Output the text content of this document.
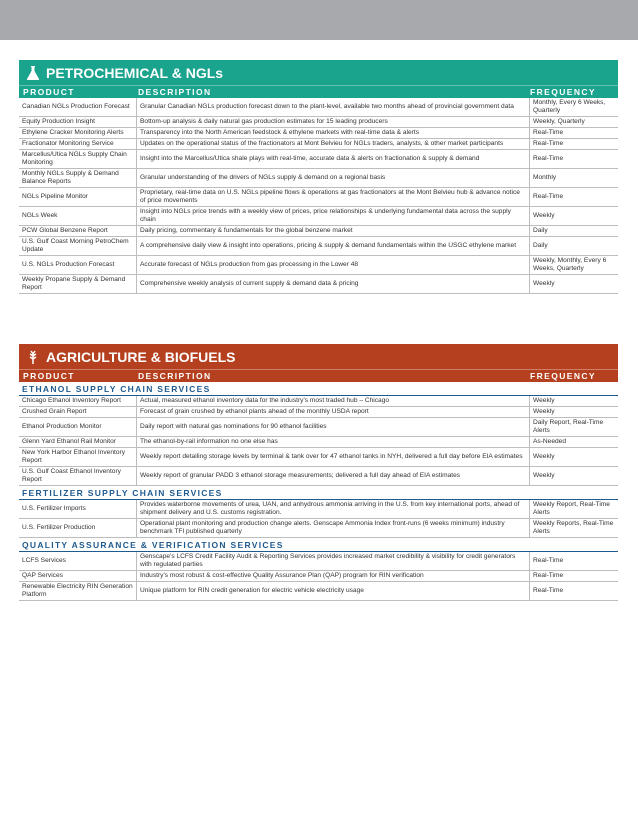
PETROCHEMICAL & NGLs
PRODUCT	DESCRIPTION	FREQUENCY
Canadian NGLs Production Forecast	Granular Canadian NGLs production forecast down to the plant-level, available two months ahead of provincial government data	Monthly, Every 6 Weeks, Quarterly
Equity Production Insight	Bottom-up analysis & daily natural gas production estimates for 15 leading producers	Weekly, Quarterly
Ethylene Cracker Monitoring Alerts	Transparency into the North American feedstock & ethylene markets with real-time data & alerts	Real-Time
Fractionator Monitoring Service	Updates on the operational status of the fractionators at Mont Belvieu for NGLs traders, analysts, & other market participants	Real-Time
Marcellus/Utica NGLs Supply Chain Monitoring	Insight into the Marcellus/Utica shale plays with real-time, accurate data & alerts on fractionation & supply & demand	Real-Time
Monthly NGLs Supply & Demand Balance Reports	Granular understanding of the drivers of NGLs supply & demand on a regional basis	Monthly
NGLs Pipeline Monitor	Proprietary, real-time data on U.S. NGLs pipeline flows & operations at gas fractionators at the Mont Belvieu hub & advance notice of price movements	Real-Time
NGLs Week	Insight into NGLs price trends with a weekly view of prices, price relationships & underlying fundamental data across the supply chain	Weekly
PCW Global Benzene Report	Daily pricing, commentary & fundamentals for the global benzene market	Daily
U.S. Gulf Coast Morning PetroChem Update	A comprehensive daily view & insight into operations, pricing & supply & demand fundamentals within the USGC ethylene market	Daily
U.S. NGLs Production Forecast	Accurate forecast of NGLs production from gas processing in the Lower 48	Weekly, Monthly, Every 6 Weeks, Quarterly
Weekly Propane Supply & Demand Report	Comprehensive weekly analysis of current supply & demand data & pricing	Weekly
AGRICULTURE & BIOFUELS
PRODUCT	DESCRIPTION	FREQUENCY
ETHANOL SUPPLY CHAIN SERVICES
Chicago Ethanol Inventory Report	Actual, measured ethanol inventory data for the industry's most traded hub – Chicago	Weekly
Crushed Grain Report	Forecast of grain crushed by ethanol plants ahead of the monthly USDA report	Weekly
Ethanol Production Monitor	Daily report with natural gas nominations for 90 ethanol facilities	Daily Report, Real-Time Alerts
Glenn Yard Ethanol Rail Monitor	The ethanol-by-rail information no one else has	As-Needed
New York Harbor Ethanol Inventory Report	Weekly report detailing storage levels by terminal & tank over for 47 ethanol tanks in NYH, delivered a full day before EIA estimates	Weekly
U.S. Gulf Coast Ethanol Inventory Report	Weekly report of granular PADD 3 ethanol storage measurements; delivered a full day ahead of EIA estimates	Weekly
FERTILIZER SUPPLY CHAIN SERVICES
U.S. Fertilizer Imports	Provides waterborne movements of urea, UAN, and anhydrous ammonia arriving in the U.S. from key international ports, ahead of shipment delivery and U.S. customs registration.	Weekly Report, Real-Time Alerts
U.S. Fertilizer Production	Operational plant monitoring and production change alerts. Genscape Ammonia Index front-runs (6 weeks minimum) industry benchmark TFI published quarterly	Weekly Reports, Real-Time Alerts
QUALITY ASSURANCE & VERIFICATION SERVICES
LCFS Services	Genscape's LCFS Credit Facility Audit & Reporting Services provides increased market credibility & visibility for credit generators with regulated parties	Real-Time
QAP Services	Industry's most robust & cost-effective Quality Assurance Plan (QAP) program for RIN verification	Real-Time
Renewable Electricity RIN Generation Platform	Unique platform for RIN credit generation for electric vehicle electricity usage	Real-Time
